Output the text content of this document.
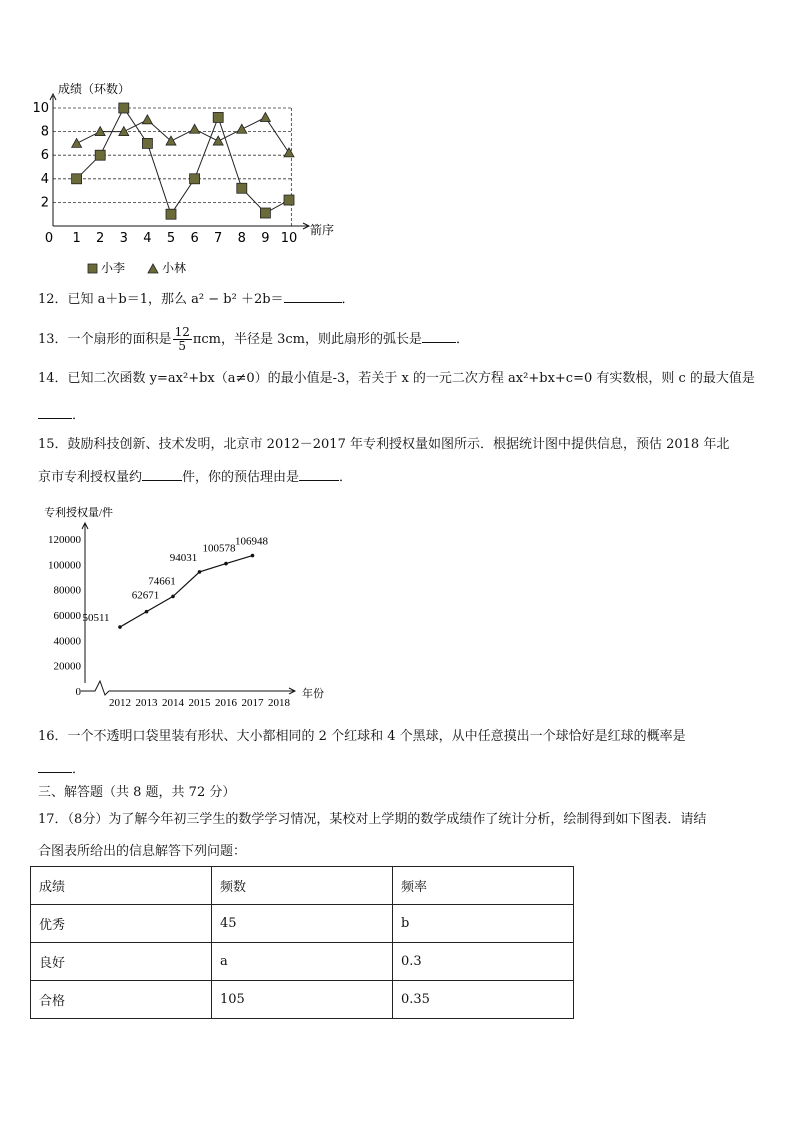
成绩（环数）
箭序
0 1 2 3 4 5 6 7 8 9 10
2
4
6
8
10
小李	小林
12．已知 a＋b＝1，那么 a² − b² ＋2b＝	．
13．一个扇形的面积是 $\frac{12}{5}$ πcm，半径是 3cm，则此扇形的弧长是	．
14．已知二次函数 y=ax²+bx（a≠0）的最小值是-3，若关于 x 的一元二次方程 ax²+bx+c=0 有实数根，则 c 的最大值是
．
15．鼓励科技创新、技术发明，北京市 2012－2017 年专利授权量如图所示．根据统计图中提供信息，预估 2018 年北
京市专利授权量约	件，你的预估理由是	．
专利授权量/件
年份
0
20000
40000
60000
80000
100000
120000
2012 2013 2014 2015 2016 2017 2018
50511
62671
74661
94031
100578
106948
16．一个不透明口袋里装有形状、大小都相同的 2 个红球和 4 个黑球，从中任意摸出一个球恰好是红球的概率是
．
三、解答题（共 8 题，共 72 分）
17．（8分）为了解今年初三学生的数学学习情况，某校对上学期的数学成绩作了统计分析，绘制得到如下图表．请结
合图表所给出的信息解答下列问题：
成绩	频数	频率
优秀	45	b
良好	a	0.3
合格	105	0.35
